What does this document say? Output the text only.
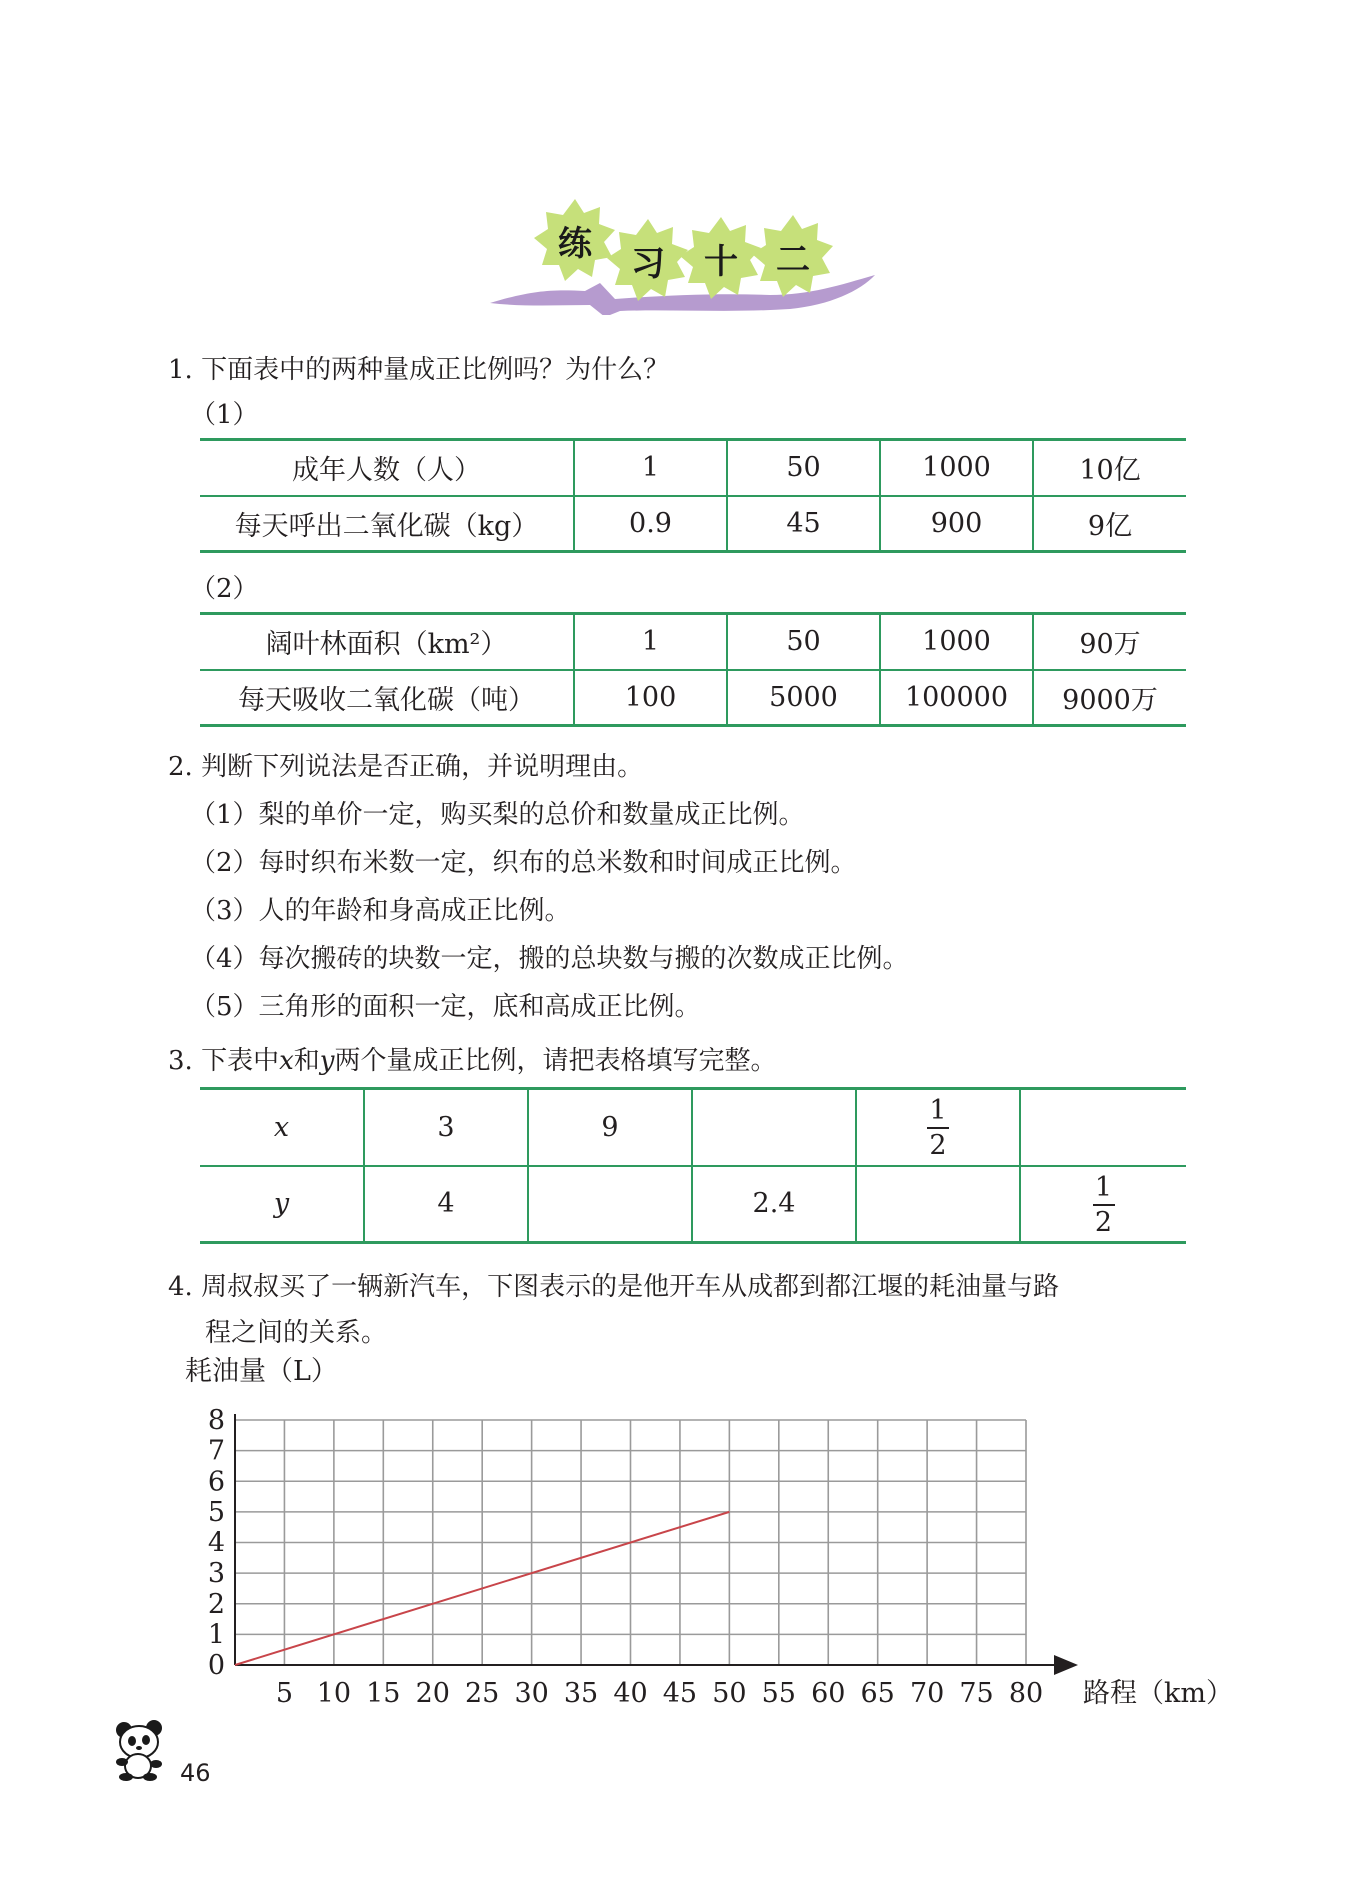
练	习	十	二
1. 下面表中的两种量成正比例吗？为什么？
（1）
成年人数（人）	1	50	1000	10亿
每天呼出二氧化碳（kg）	0.9	45	900	9亿
（2）
阔叶林面积（km²）	1	50	1000	90万
每天吸收二氧化碳（吨）	100	5000	100000	9000万
2. 判断下列说法是否正确，并说明理由。
（1）梨的单价一定，购买梨的总价和数量成正比例。
（2）每时织布米数一定，织布的总米数和时间成正比例。
（3）人的年龄和身高成正比例。
（4）每次搬砖的块数一定，搬的总块数与搬的次数成正比例。
（5）三角形的面积一定，底和高成正比例。
3. 下表中x和y两个量成正比例，请把表格填写完整。
x	3	9		$\frac{1}{2}$

y	4		2.4		$\frac{1}{2}$
4. 周叔叔买了一辆新汽车，下图表示的是他开车从成都到都江堰的耗油量与路
程之间的关系。
0
1
2
3
4
5
6
7
8
5 10 15 20 25 30 35 40 45 50 55 60 65 70 75 80
耗油量（L）
路程（km）
46
